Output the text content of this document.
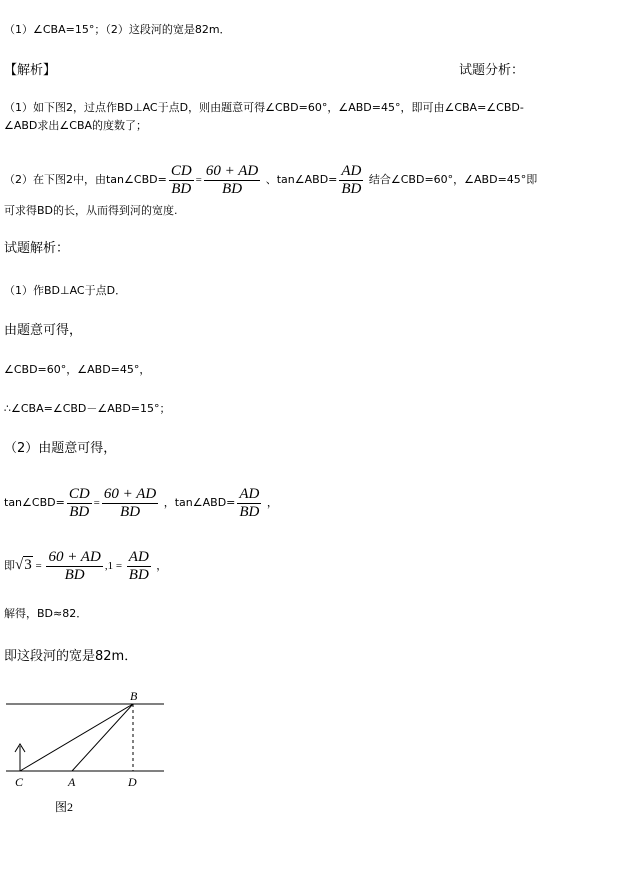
（1）∠CBA=15°；（2）这段河的宽是82m．
【解析】	试题分析：
（1）如下图2，过点作BD⊥AC于点D，则由题意可得∠CBD=60°，∠ABD=45°，即可由∠CBA=∠CBD-
∠ABD求出∠CBA的度数了；
（2）在下图2中，由tan∠CBD= $\frac{CD}{BD} = \frac{60 + AD}{BD}$ 、tan∠ABD= $\frac{AD}{BD}$ 结合∠CBD=60°，∠ABD=45°即
可求得BD的长，从而得到河的宽度.
试题解析：
（1）作BD⊥AC于点D．
由题意可得，
∠CBD=60°，∠ABD=45°，
∴∠CBA=∠CBD－∠ABD=15°；
（2）由题意可得，
tan∠CBD= $\frac{CD}{BD} = \frac{60 + AD}{BD}$ ，tan∠ABD= $\frac{AD}{BD}$ ，
即$√3 = \frac{60 + AD}{BD} ,1 = \frac{AD}{BD}$ ，
解得，BD≈82．
即这段河的宽是82m．
B
C	A	D
图2
